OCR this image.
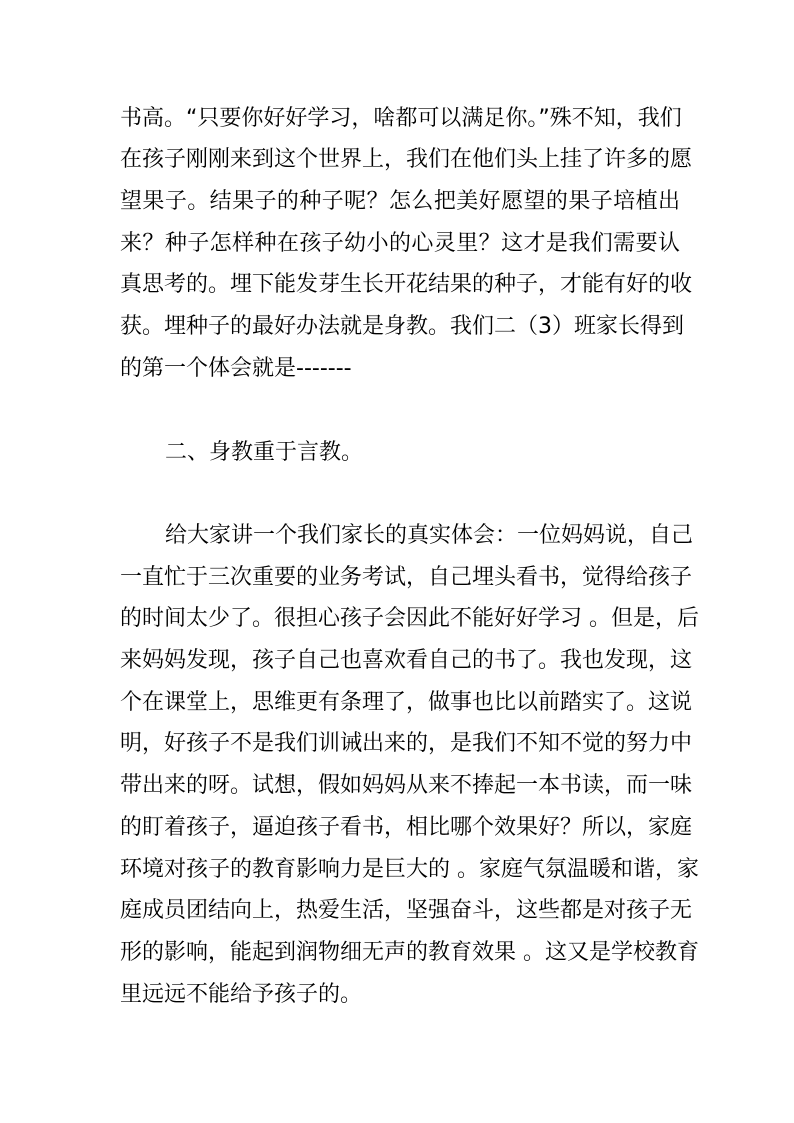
书高。“只要你好好学习，啥都可以满足你。”殊不知，我们
在孩子刚刚来到这个世界上，我们在他们头上挂了许多的愿
望果子。结果子的种子呢？怎么把美好愿望的果子培植出
来？种子怎样种在孩子幼小的心灵里？这才是我们需要认
真思考的。埋下能发芽生长开花结果的种子，才能有好的收
获。埋种子的最好办法就是身教。我们二（3）班家长得到
的第一个体会就是-------
二、身教重于言教。
给大家讲一个我们家长的真实体会：一位妈妈说，自己
一直忙于三次重要的业务考试，自己埋头看书，觉得给孩子
的时间太少了。很担心孩子会因此不能好好学习 。但是，后
来妈妈发现，孩子自己也喜欢看自己的书了。我也发现，这
个在课堂上，思维更有条理了，做事也比以前踏实了。这说
明，好孩子不是我们训诫出来的，是我们不知不觉的努力中
带出来的呀。试想，假如妈妈从来不捧起一本书读，而一味
的盯着孩子，逼迫孩子看书，相比哪个效果好？所以，家庭
环境对孩子的教育影响力是巨大的 。家庭气氛温暖和谐，家
庭成员团结向上，热爱生活，坚强奋斗，这些都是对孩子无
形的影响，能起到润物细无声的教育效果 。这又是学校教育
里远远不能给予孩子的。
